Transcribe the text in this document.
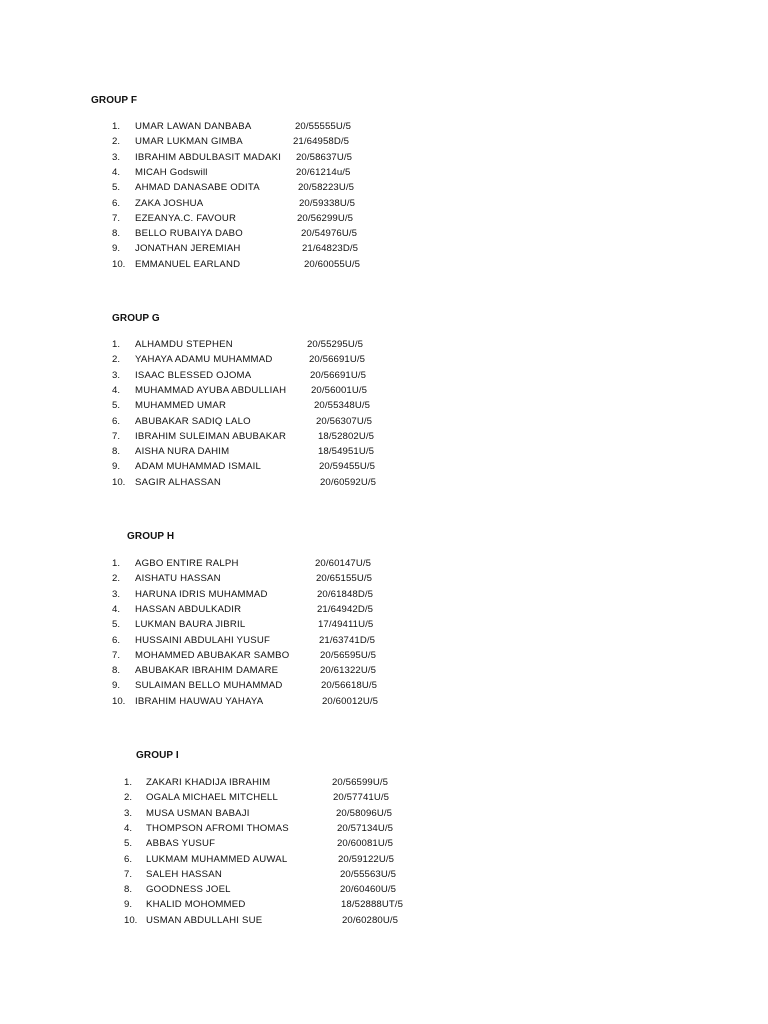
GROUP F
1. UMAR LAWAN DANBABA	20/55555U/5
2. UMAR LUKMAN GIMBA	21/64958D/5
3. IBRAHIM ABDULBASIT MADAKI 20/58637U/5
4. MICAH Godswill	20/61214u/5
5. AHMAD DANASABE ODITA	20/58223U/5
6. ZAKA JOSHUA	20/59338U/5
7. EZEANYA.C. FAVOUR	20/56299U/5
8. BELLO RUBAIYA DABO	20/54976U/5
9. JONATHAN JEREMIAH	21/64823D/5
10. EMMANUEL EARLAND	20/60055U/5
GROUP G
1. ALHAMDU STEPHEN	20/55295U/5
2. YAHAYA ADAMU MUHAMMAD	20/56691U/5
3. ISAAC BLESSED OJOMA	20/56691U/5
4. MUHAMMAD AYUBA ABDULLIAH	20/56001U/5
5. MUHAMMED UMAR	20/55348U/5
6. ABUBAKAR SADIQ LALO	20/56307U/5
7. IBRAHIM SULEIMAN ABUBAKAR	18/52802U/5
8. AISHA NURA DAHIM	18/54951U/5
9. ADAM MUHAMMAD ISMAIL	20/59455U/5
10. SAGIR ALHASSAN	20/60592U/5
GROUP H
1. AGBO ENTIRE RALPH	20/60147U/5
2. AISHATU HASSAN	20/65155U/5
3. HARUNA IDRIS MUHAMMAD	20/61848D/5
4. HASSAN ABDULKADIR	21/64942D/5
5. LUKMAN BAURA JIBRIL	17/49411U/5
6. HUSSAINI ABDULAHI YUSUF	21/63741D/5
7. MOHAMMED ABUBAKAR SAMBO	20/56595U/5
8. ABUBAKAR IBRAHIM DAMARE	20/61322U/5
9. SULAIMAN BELLO MUHAMMAD	20/56618U/5
10. IBRAHIM HAUWAU YAHAYA	20/60012U/5
GROUP I
1. ZAKARI KHADIJA IBRAHIM	20/56599U/5
2. OGALA MICHAEL MITCHELL	20/57741U/5
3. MUSA USMAN BABAJI	20/58096U/5
4. THOMPSON AFROMI THOMAS	20/57134U/5
5. ABBAS YUSUF	20/60081U/5
6. LUKMAM MUHAMMED AUWAL	20/59122U/5
7. SALEH HASSAN	20/55563U/5
8. GOODNESS JOEL	20/60460U/5
9. KHALID MOHOMMED	18/52888UT/5
10. USMAN ABDULLAHI SUE	20/60280U/5
